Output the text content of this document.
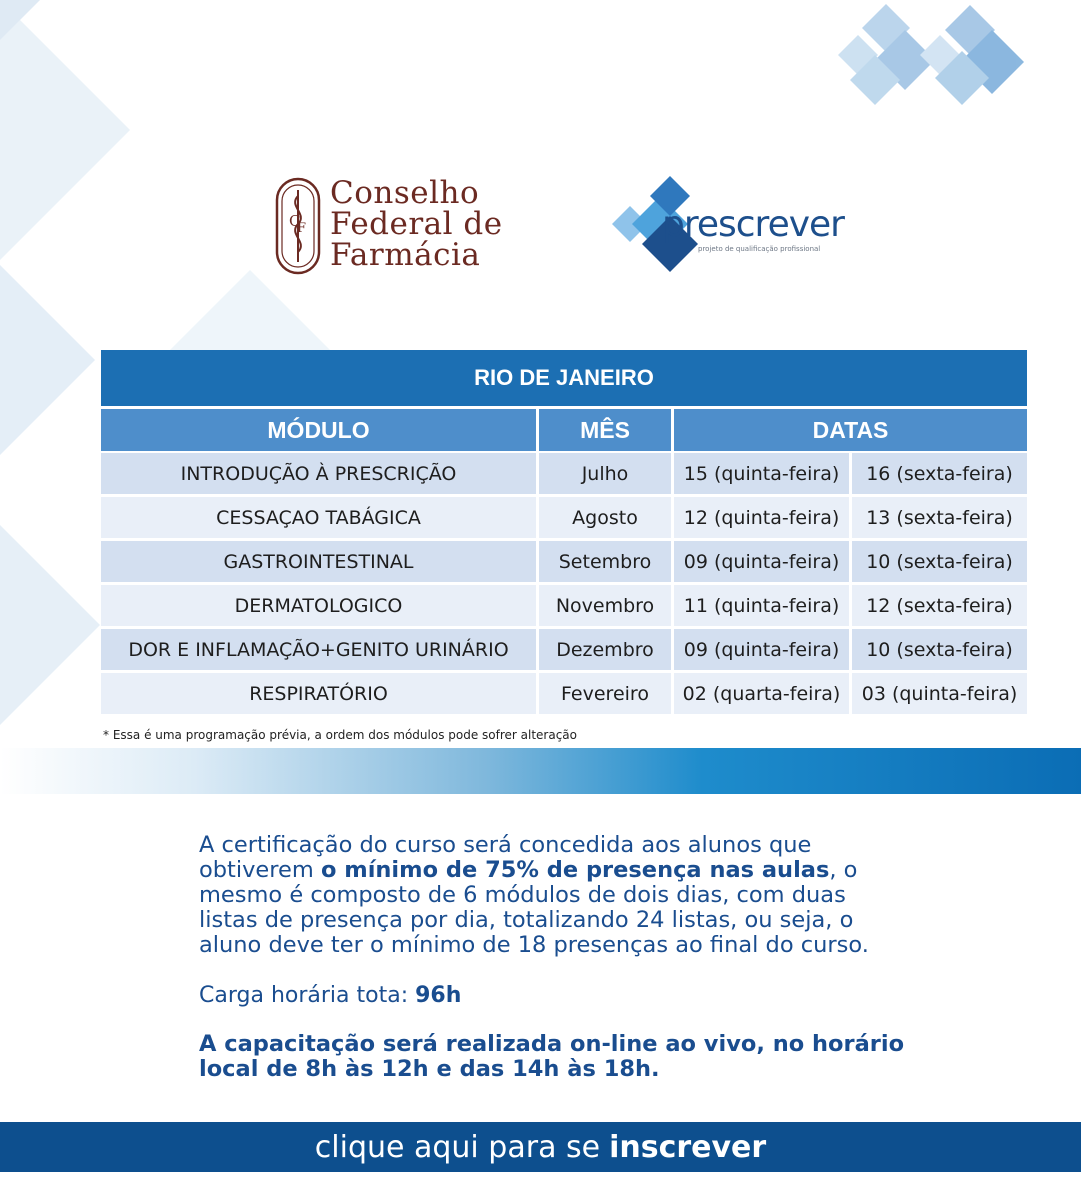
C
F
Conselho
Federal de
Farmácia
prescrever
projeto de qualificação profissional
RIO DE JANEIRO
MÓDULO	MÊS	DATAS
INTRODUÇÃO À PRESCRIÇÃO	Julho	15 (quinta-feira)	16 (sexta-feira)
CESSAÇAO TABÁGICA	Agosto	12 (quinta-feira)	13 (sexta-feira)
GASTROINTESTINAL	Setembro	09 (quinta-feira)	10 (sexta-feira)
DERMATOLOGICO	Novembro	11 (quinta-feira)	12 (sexta-feira)
DOR E INFLAMAÇÃO+GENITO URINÁRIO	Dezembro	09 (quinta-feira)	10 (sexta-feira)
RESPIRATÓRIO	Fevereiro	02 (quarta-feira)	03 (quinta-feira)
* Essa é uma programação prévia, a ordem dos módulos pode sofrer alteração

A certificação do curso será concedida aos alunos que obtiverem o mínimo de 75% de presença nas aulas, o mesmo é composto de 6 módulos de dois dias, com duas listas de presença por dia, totalizando 24 listas, ou seja, o aluno deve ter o mínimo de 18 presenças ao final do curso.

Carga horária tota: 96h
A capacitação será realizada on-line ao vivo, no horário local de 8h às 12h e das 14h às 18h.
clique aqui para se inscrever
